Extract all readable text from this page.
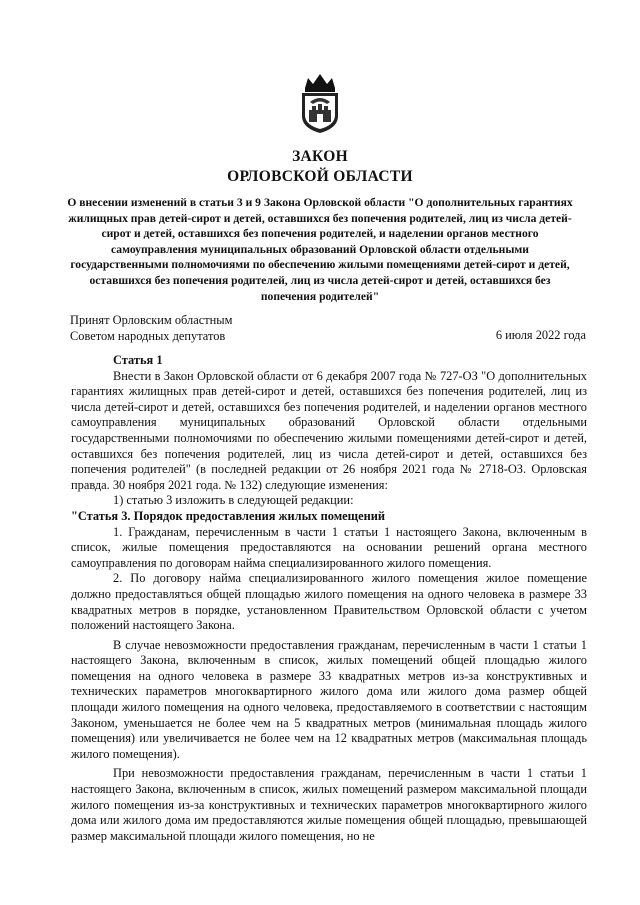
ЗАКОН
ОРЛОВСКОЙ ОБЛАСТИ
О внесении изменений в статьи 3 и 9 Закона Орловской области "О дополнительных гарантиях жилищных прав детей-сирот и детей, оставшихся без попечения родителей, лиц из числа детей-сирот и детей, оставшихся без попечения родителей, и наделении органов местного самоуправления муниципальных образований Орловской области отдельными государственными полномочиями по обеспечению жилыми помещениями детей-сирот и детей, оставшихся без попечения родителей, лиц из числа детей-сирот и детей, оставшихся без попечения родителей"
Принят Орловским областным
Советом народных депутатов	6 июля 2022 года

Статья 1

Внести в Закон Орловской области от 6 декабря 2007 года № 727-ОЗ "О дополнительных гарантиях жилищных прав детей-сирот и детей, оставшихся без попечения родителей, лиц из числа детей-сирот и детей, оставшихся без попечения родителей, и наделении органов местного самоуправления муниципальных образований Орловской области отдельными государственными полномочиями по обеспечению жилыми помещениями детей-сирот и детей, оставшихся без попечения родителей, лиц из числа детей-сирот и детей, оставшихся без попечения родителей" (в последней редакции от 26 ноября 2021 года № 2718-ОЗ. Орловская правда. 30 ноября 2021 года. № 132) следующие изменения:

1) статью 3 изложить в следующей редакции:

"Статья 3. Порядок предоставления жилых помещений

1. Гражданам, перечисленным в части 1 статьи 1 настоящего Закона, включенным в список, жилые помещения предоставляются на основании решений органа местного самоуправления по договорам найма специализированного жилого помещения.

2. По договору найма специализированного жилого помещения жилое помещение должно предоставляться общей площадью жилого помещения на одного человека в размере 33 квадратных метров в порядке, установленном Правительством Орловской области с учетом положений настоящего Закона.

В случае невозможности предоставления гражданам, перечисленным в части 1 статьи 1 настоящего Закона, включенным в список, жилых помещений общей площадью жилого помещения на одного человека в размере 33 квадратных метров из-за конструктивных и технических параметров многоквартирного жилого дома или жилого дома размер общей площади жилого помещения на одного человека, предоставляемого в соответствии с настоящим Законом, уменьшается не более чем на 5 квадратных метров (минимальная площадь жилого помещения) или увеличивается не более чем на 12 квадратных метров (максимальная площадь жилого помещения).

При невозможности предоставления гражданам, перечисленным в части 1 статьи 1 настоящего Закона, включенным в список, жилых помещений размером максимальной площади жилого помещения из-за конструктивных и технических параметров многоквартирного жилого дома или жилого дома им предоставляются жилые помещения общей площадью, превышающей размер максимальной площади жилого помещения, но не
